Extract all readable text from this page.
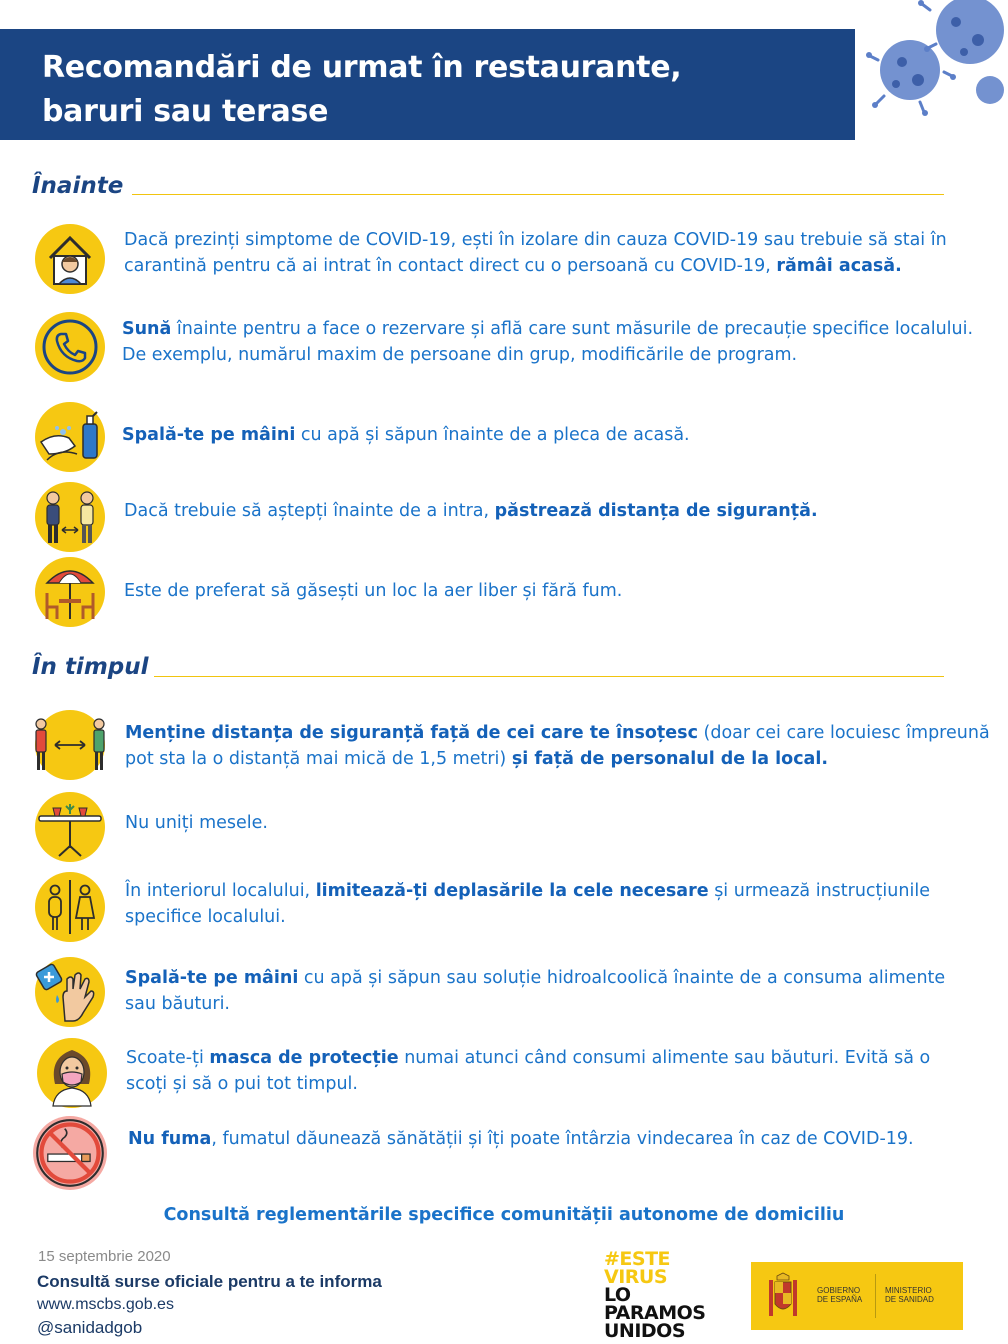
Recomandări de urmat în restaurante,
baruri sau terase
Înainte
Dacă prezinți simptome de COVID-19, ești în izolare din cauza COVID-19 sau trebuie să stai în
carantină pentru că ai intrat în contact direct cu o persoană cu COVID-19, rămâi acasă.
Sună înainte pentru a face o rezervare și află care sunt măsurile de precauție specifice localului.
De exemplu, numărul maxim de persoane din grup, modificările de program.
Spală-te pe mâini cu apă și săpun înainte de a pleca de acasă.
Dacă trebuie să aștepți înainte de a intra, păstrează distanța de siguranță.
Este de preferat să găsești un loc la aer liber și fără fum.
În timpul
Menține distanța de siguranță față de cei care te însoțesc (doar cei care locuiesc împreună
pot sta la o distanță mai mică de 1,5 metri) și față de personalul de la local.
Nu uniți mesele.
În interiorul localului, limitează-ți deplasările la cele necesare și urmează instrucțiunile
specifice localului.
Spală-te pe mâini cu apă și săpun sau soluție hidroalcoolică înainte de a consuma alimente
sau băuturi.
Scoate-ți masca de protecție numai atunci când consumi alimente sau băuturi. Evită să o
scoți și să o pui tot timpul.
Nu fuma, fumatul dăunează sănătății și îți poate întârzia vindecarea în caz de COVID-19.
Consultă reglementările specifice comunității autonome de domiciliu
15 septembrie 2020
Consultă surse oficiale pentru a te informa
www.mscbs.gob.es
@sanidadgob
#ESTE
VIRUS
LO
PARAMOS
UNIDOS
GOBIERNO
DE ESPAÑA
MINISTERIO
DE SANIDAD
